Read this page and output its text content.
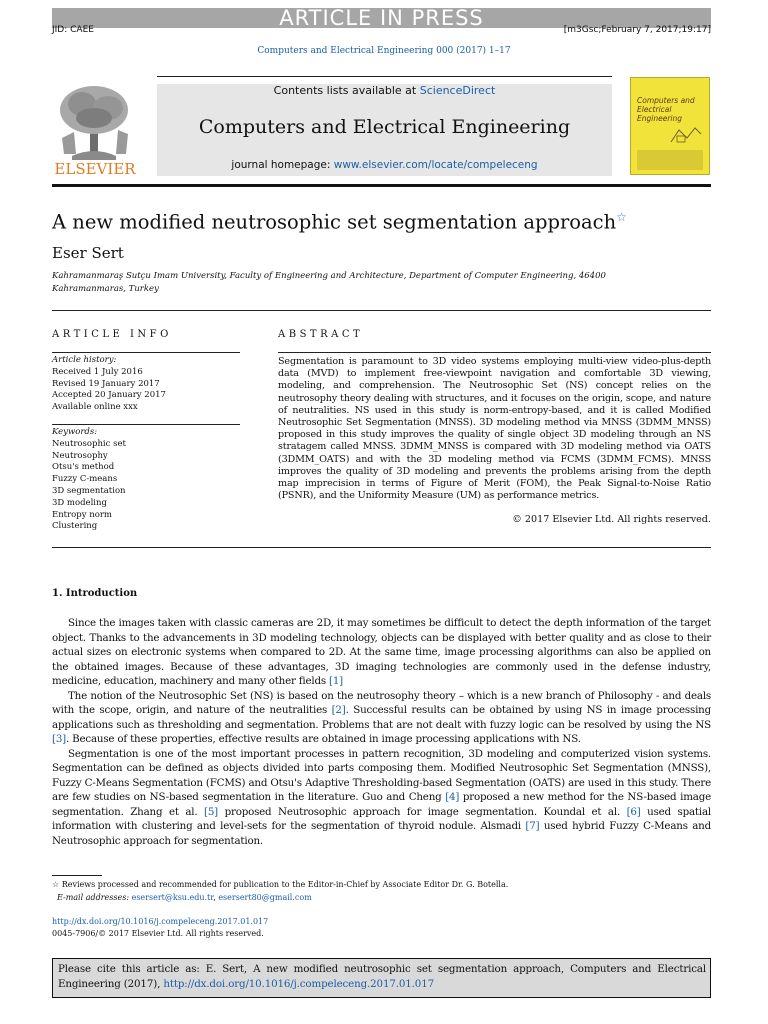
ARTICLE IN PRESS
JID: CAEE	[m3Gsc;February 7, 2017;19:17]
Computers and Electrical Engineering 000 (2017) 1–17
ELSEVIER
Contents lists available at ScienceDirect
Computers and Electrical Engineering
journal homepage: www.elsevier.com/locate/compeleceng
Computers and Electrical Engineering
A new modified neutrosophic set segmentation approach☆
Eser Sert
Kahramanmaraş Sutçu Imam University, Faculty of Engineering and Architecture, Department of Computer Engineering, 46400 Kahramanmaras, Turkey
ARTICLE INFO
Article history:
Received 1 July 2016
Revised 19 January 2017
Accepted 20 January 2017
Available online xxx
Keywords:
Neutrosophic set
Neutrosophy
Otsu's method
Fuzzy C-means
3D segmentation
3D modeling
Entropy norm
Clustering
ABSTRACT
Segmentation is paramount to 3D video systems employing multi-view video-plus-depth data (MVD) to implement free-viewpoint navigation and comfortable 3D viewing, modeling, and comprehension. The Neutrosophic Set (NS) concept relies on the neutrosophy theory dealing with structures, and it focuses on the origin, scope, and nature of neutralities. NS used in this study is norm-entropy-based, and it is called Modified Neutrosophic Set Segmentation (MNSS). 3D modeling method via MNSS (3DMM_MNSS) proposed in this study improves the quality of single object 3D modeling through an NS stratagem called MNSS. 3DMM_MNSS is compared with 3D modeling method via OATS (3DMM_OATS) and with the 3D modeling method via FCMS (3DMM_FCMS). MNSS improves the quality of 3D modeling and prevents the problems arising from the depth map imprecision in terms of Figure of Merit (FOM), the Peak Signal-to-Noise Ratio (PSNR), and the Uniformity Measure (UM) as performance metrics.
© 2017 Elsevier Ltd. All rights reserved.
1. Introduction

Since the images taken with classic cameras are 2D, it may sometimes be difficult to detect the depth information of the target object. Thanks to the advancements in 3D modeling technology, objects can be displayed with better quality and as close to their actual sizes on electronic systems when compared to 2D. At the same time, image processing algorithms can also be applied on the obtained images. Because of these advantages, 3D imaging technologies are commonly used in the defense industry, medicine, education, machinery and many other fields [1]

The notion of the Neutrosophic Set (NS) is based on the neutrosophy theory – which is a new branch of Philosophy - and deals with the scope, origin, and nature of the neutralities [2]. Successful results can be obtained by using NS in image processing applications such as thresholding and segmentation. Problems that are not dealt with fuzzy logic can be resolved by using the NS [3]. Because of these properties, effective results are obtained in image processing applications with NS.

Segmentation is one of the most important processes in pattern recognition, 3D modeling and computerized vision systems. Segmentation can be defined as objects divided into parts composing them. Modified Neutrosophic Set Segmentation (MNSS), Fuzzy C-Means Segmentation (FCMS) and Otsu's Adaptive Thresholding-based Segmentation (OATS) are used in this study. There are few studies on NS-based segmentation in the literature. Guo and Cheng [4] proposed a new method for the NS-based image segmentation. Zhang et al. [5] proposed Neutrosophic approach for image segmentation. Koundal et al. [6] used spatial information with clustering and level-sets for the segmentation of thyroid nodule. Alsmadi [7] used hybrid Fuzzy C-Means and Neutrosophic approach for segmentation.

☆ Reviews processed and recommended for publication to the Editor-in-Chief by Associate Editor Dr. G. Botella.
E-mail addresses: esersert@ksu.edu.tr, esersert80@gmail.com
http://dx.doi.org/10.1016/j.compeleceng.2017.01.017
0045-7906/© 2017 Elsevier Ltd. All rights reserved.
Please cite this article as: E. Sert, A new modified neutrosophic set segmentation approach, Computers and Electrical Engineering (2017), http://dx.doi.org/10.1016/j.compeleceng.2017.01.017
